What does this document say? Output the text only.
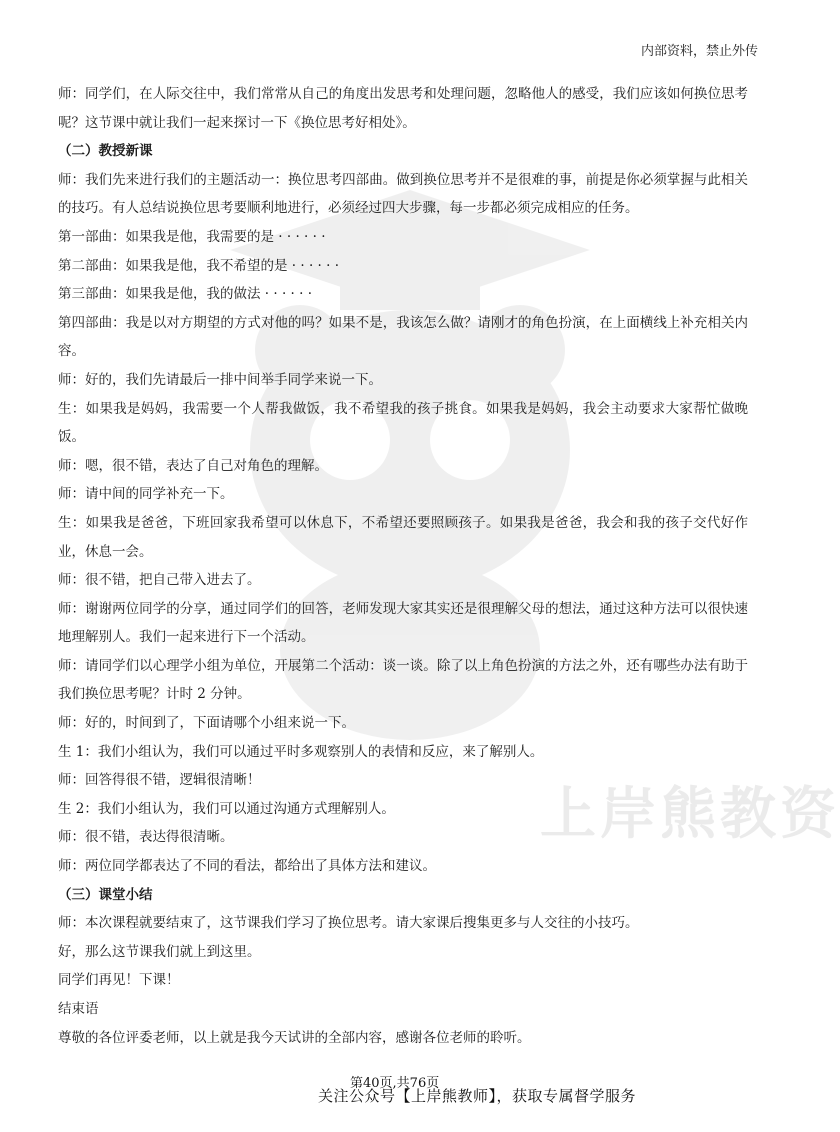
上岸熊教资
内部资料，禁止外传

师：同学们，在人际交往中，我们常常从自己的角度出发思考和处理问题，忽略他人的感受，我们应该如何换位思考呢？这节课中就让我们一起来探讨一下《换位思考好相处》。

（二）教授新课

师：我们先来进行我们的主题活动一：换位思考四部曲。做到换位思考并不是很难的事，前提是你必须掌握与此相关的技巧。有人总结说换位思考要顺利地进行，必须经过四大步骤，每一步都必须完成相应的任务。

第一部曲：如果我是他，我需要的是 · · · · · ·

第二部曲：如果我是他，我不希望的是 · · · · · ·

第三部曲：如果我是他，我的做法 · · · · · ·

第四部曲：我是以对方期望的方式对他的吗？如果不是，我该怎么做？请刚才的角色扮演，在上面横线上补充相关内容。

师：好的，我们先请最后一排中间举手同学来说一下。

生：如果我是妈妈，我需要一个人帮我做饭，我不希望我的孩子挑食。如果我是妈妈，我会主动要求大家帮忙做晚饭。

师：嗯，很不错，表达了自己对角色的理解。

师：请中间的同学补充一下。

生：如果我是爸爸，下班回家我希望可以休息下，不希望还要照顾孩子。如果我是爸爸，我会和我的孩子交代好作业，休息一会。

师：很不错，把自己带入进去了。

师：谢谢两位同学的分享，通过同学们的回答，老师发现大家其实还是很理解父母的想法，通过这种方法可以很快速地理解别人。我们一起来进行下一个活动。

师：请同学们以心理学小组为单位，开展第二个活动：谈一谈。除了以上角色扮演的方法之外，还有哪些办法有助于我们换位思考呢？计时 2 分钟。

师：好的，时间到了，下面请哪个小组来说一下。

生 1：我们小组认为，我们可以通过平时多观察别人的表情和反应，来了解别人。

师：回答得很不错，逻辑很清晰！

生 2：我们小组认为，我们可以通过沟通方式理解别人。

师：很不错，表达得很清晰。

师：两位同学都表达了不同的看法，都给出了具体方法和建议。

（三）课堂小结

师：本次课程就要结束了，这节课我们学习了换位思考。请大家课后搜集更多与人交往的小技巧。

好，那么这节课我们就上到这里。

同学们再见！下课！

结束语

尊敬的各位评委老师，以上就是我今天试讲的全部内容，感谢各位老师的聆听。

第40页,共76页
关注公众号【上岸熊教师】，获取专属督学服务
